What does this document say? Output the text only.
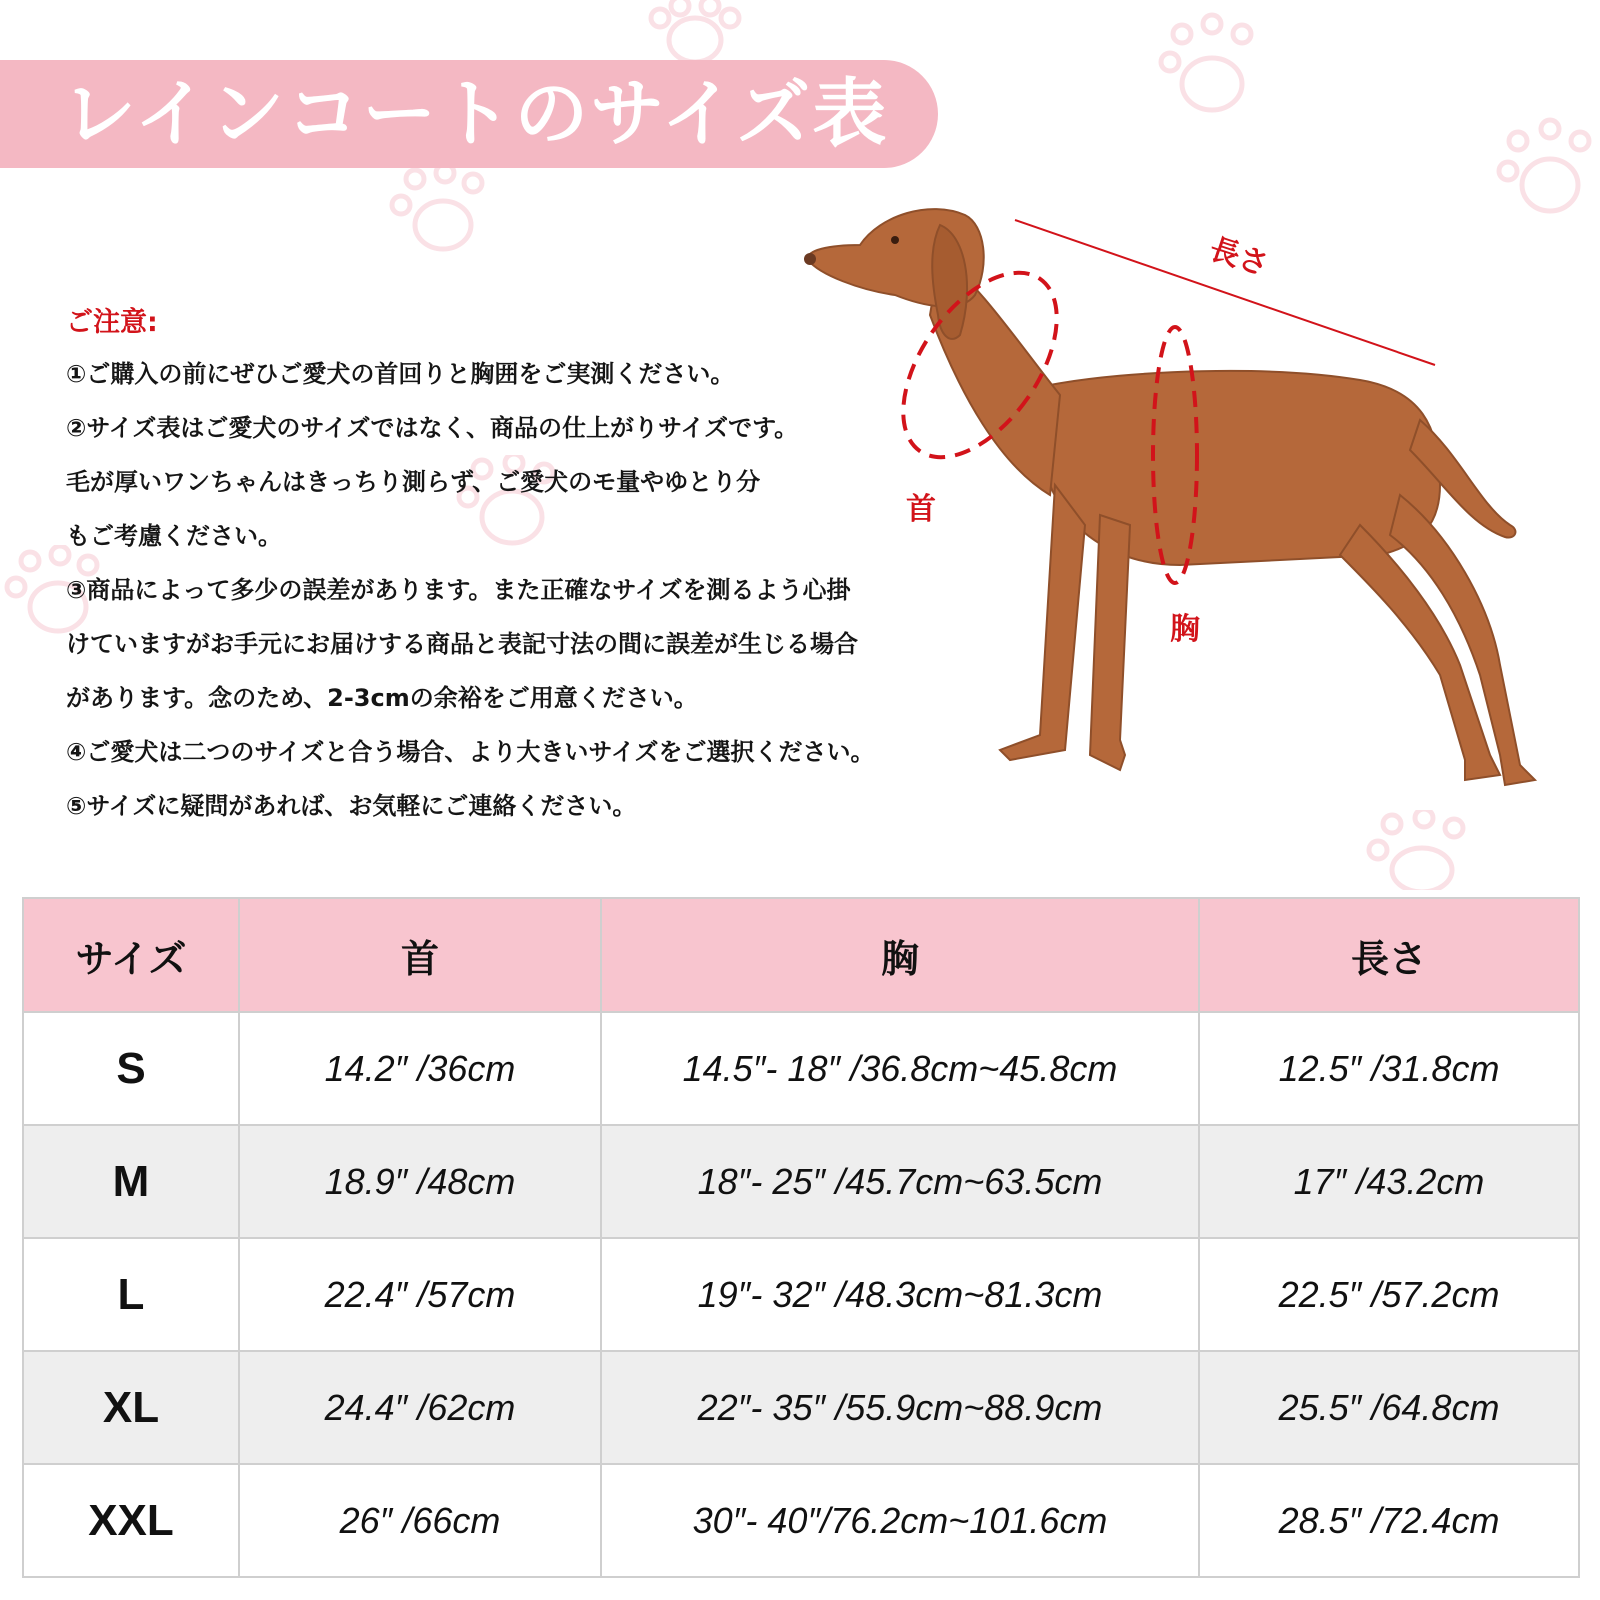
レインコートのサイズ表
ご注意:
①ご購入の前にぜひご愛犬の首回りと胸囲をご実測ください。
②サイズ表はご愛犬のサイズではなく、商品の仕上がりサイズです。
毛が厚いワンちゃんはきっちり測らず、ご愛犬のモ量やゆとり分
もご考慮ください。
③商品によって多少の誤差があります。また正確なサイズを測るよう心掛
けていますがお手元にお届けする商品と表記寸法の間に誤差が生じる場合
があります。念のため、2-3cmの余裕をご用意ください。
④ご愛犬は二つのサイズと合う場合、より大きいサイズをご選択ください。
⑤サイズに疑問があれば、お気軽にご連絡ください。
長さ
首
胸
サイズ	首	胸	長さ
S	14.2″ /36cm	14.5″- 18″ /36.8cm~45.8cm	12.5″ /31.8cm
M	18.9″ /48cm	18″- 25″ /45.7cm~63.5cm	17″ /43.2cm
L	22.4″ /57cm	19″- 32″ /48.3cm~81.3cm	22.5″ /57.2cm
XL	24.4″ /62cm	22″- 35″ /55.9cm~88.9cm	25.5″ /64.8cm
XXL	26″ /66cm	30″- 40″/76.2cm~101.6cm	28.5″ /72.4cm
